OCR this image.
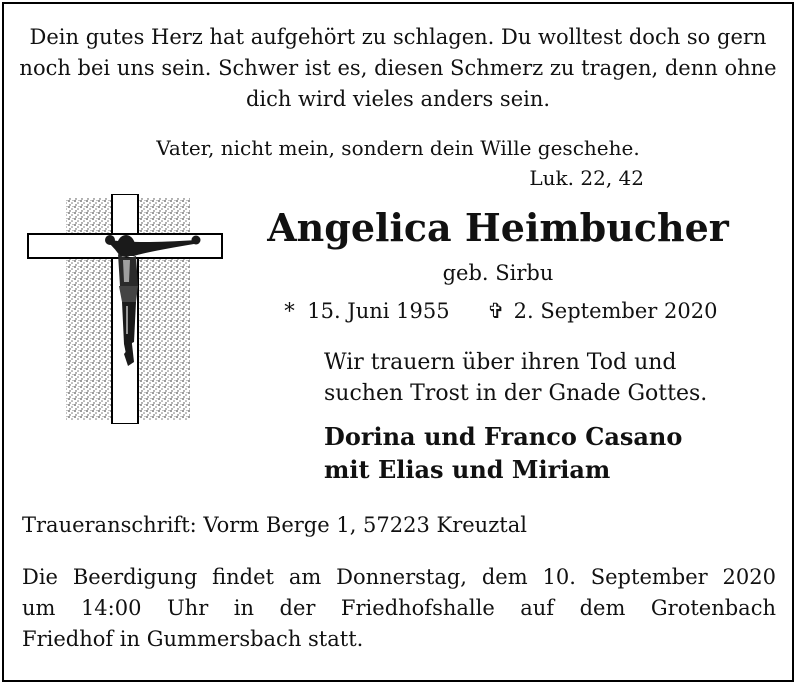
Dein gutes Herz hat aufgehört zu schlagen. Du wolltest doch so gern
noch bei uns sein. Schwer ist es, diesen Schmerz zu tragen, denn ohne
dich wird vieles anders sein.
Vater, nicht mein, sondern dein Wille geschehe.
Luk. 22, 42
Angelica Heimbucher
geb. Sirbu
* 15. Juni 1955 ✞ 2. September 2020
Wir trauern über ihren Tod und
suchen Trost in der Gnade Gottes.
Dorina und Franco Casano
mit Elias und Miriam
Traueranschrift: Vorm Berge 1, 57223 Kreuztal
Die Beerdigung findet am Donnerstag, dem 10. September 2020
um 14:00 Uhr in der Friedhofshalle auf dem Grotenbach
Friedhof in Gummersbach statt.
